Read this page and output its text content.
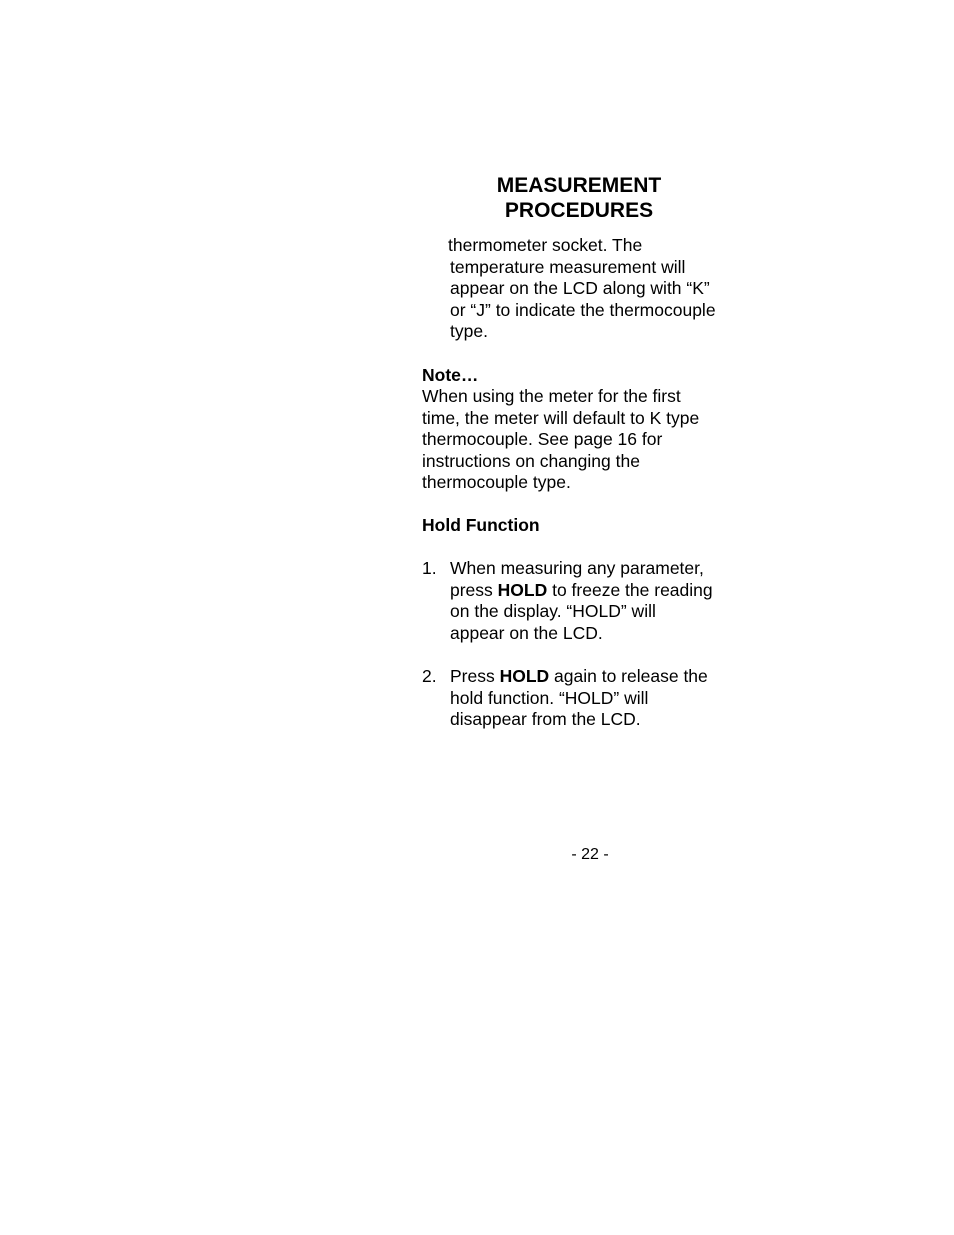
MEASUREMENT
PROCEDURES

thermometer socket. The
temperature measurement will
appear on the LCD along with “K”
or “J” to indicate the thermocouple
type.

Note…

When using the meter for the first
time, the meter will default to K type
thermocouple. See page 16 for
instructions on changing the
thermocouple type.

Hold Function

1. When measuring any parameter,
press HOLD to freeze the reading
on the display. “HOLD” will
appear on the LCD.
2. Press HOLD again to release the
hold function. “HOLD” will
disappear from the LCD.
- 22 -
